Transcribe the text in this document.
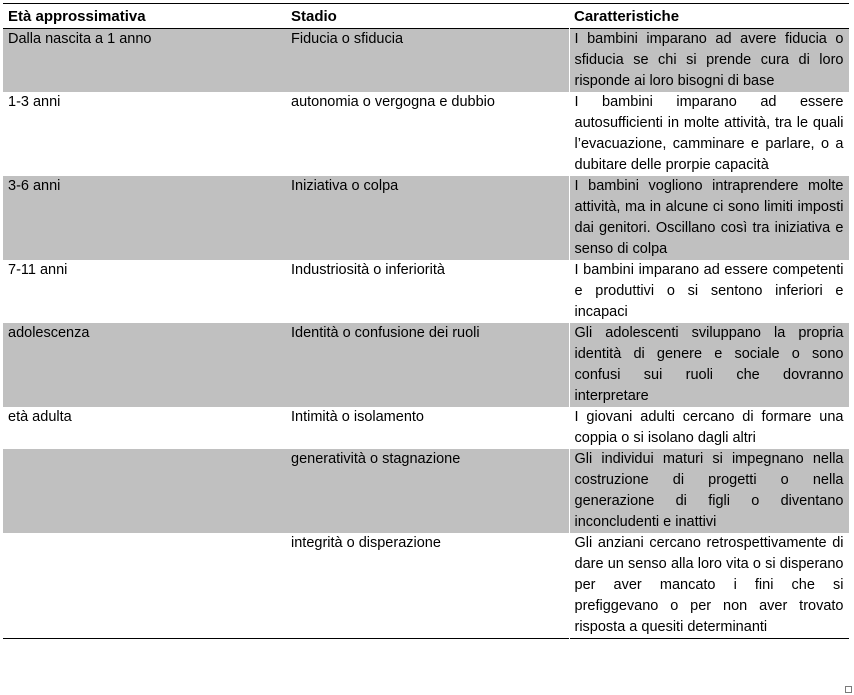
Età approssimativa	Stadio	Caratteristiche
Dalla nascita a 1 anno	Fiducia o sfiducia	I bambini imparano ad avere fiducia o sfiducia se chi si prende cura di loro risponde ai loro bisogni di base
1-3 anni	autonomia o vergogna e dubbio	I bambini imparano ad essere autosufficienti in molte attività, tra le quali l’evacuazione, camminare e parlare, o a dubitare delle prorpie capacità
3-6 anni	Iniziativa o colpa	I bambini vogliono intraprendere molte attività, ma in alcune ci sono limiti imposti dai genitori. Oscillano così tra iniziativa e senso di colpa
7-11 anni	Industriosità o inferiorità	I bambini imparano ad essere competenti e produttivi o si sentono inferiori e incapaci
adolescenza	Identità o confusione dei ruoli	Gli adolescenti sviluppano la propria identità di genere e sociale o sono confusi sui ruoli che dovranno interpretare
età adulta	Intimità o isolamento	I giovani adulti cercano di formare una coppia o si isolano dagli altri
	generatività o stagnazione	Gli individui maturi si impegnano nella costruzione di progetti o nella generazione di figli o diventano inconcludenti e inattivi
	integrità o disperazione	Gli anziani cercano retrospettivamente di dare un senso alla loro vita o si disperano per aver mancato i fini che si prefiggevano o per non aver trovato risposta a quesiti determinanti
